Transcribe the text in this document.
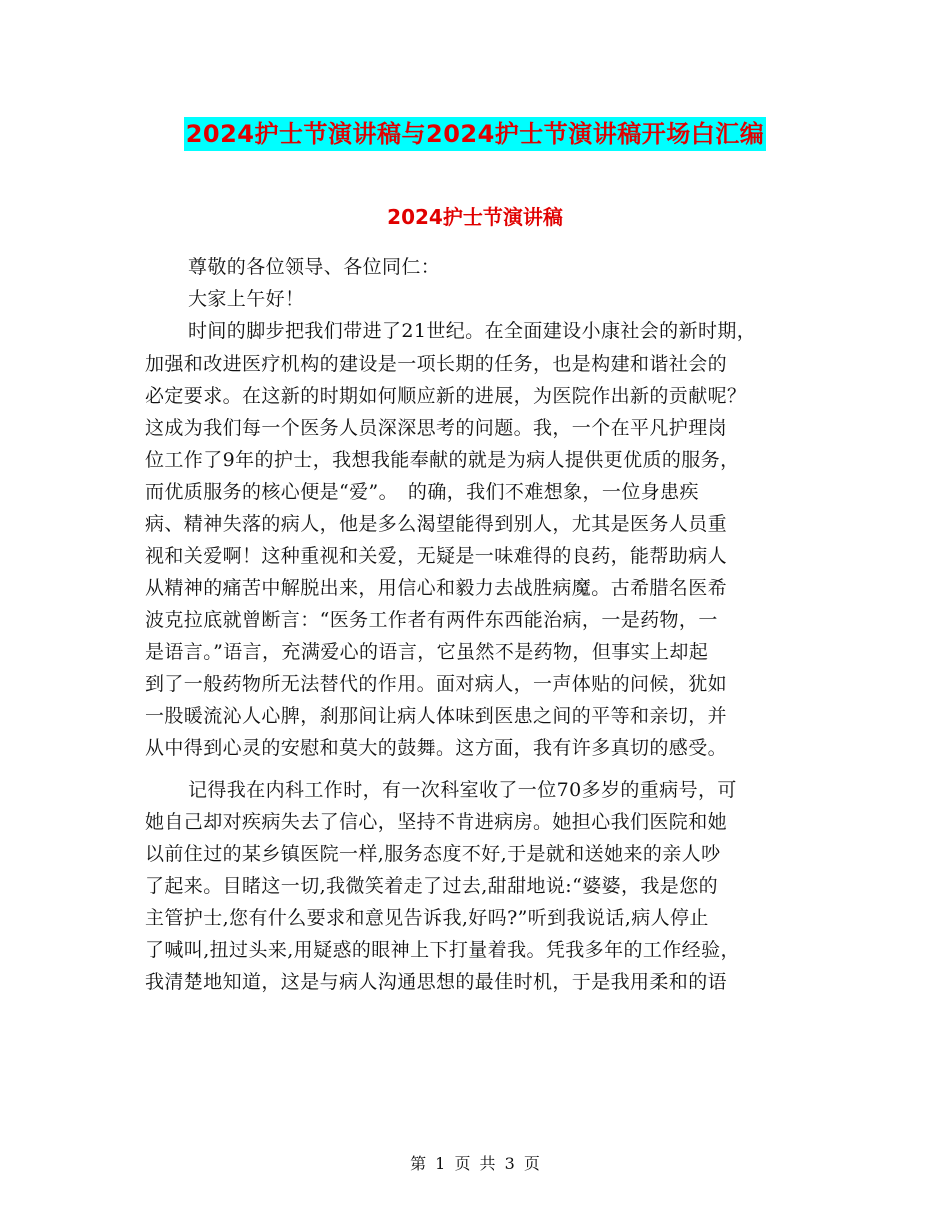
2024护士节演讲稿与2024护士节演讲稿开场白汇编
2024护士节演讲稿
尊敬的各位领导、各位同仁：
大家上午好！
时间的脚步把我们带进了21世纪。在全面建设小康社会的新时期，
加强和改进医疗机构的建设是一项长期的任务，也是构建和谐社会的
必定要求。在这新的时期如何顺应新的进展，为医院作出新的贡献呢？
这成为我们每一个医务人员深深思考的问题。我，一个在平凡护理岗
位工作了9年的护士，我想我能奉献的就是为病人提供更优质的服务，
而优质服务的核心便是“爱”。　的确，我们不难想象，一位身患疾
病、精神失落的病人，他是多么渴望能得到别人，尤其是医务人员重
视和关爱啊！这种重视和关爱，无疑是一味难得的良药，能帮助病人
从精神的痛苦中解脱出来，用信心和毅力去战胜病魔。古希腊名医希
波克拉底就曾断言：“医务工作者有两件东西能治病，一是药物，一
是语言。”语言，充满爱心的语言，它虽然不是药物，但事实上却起
到了一般药物所无法替代的作用。面对病人，一声体贴的问候，犹如
一股暖流沁人心脾，刹那间让病人体味到医患之间的平等和亲切，并
从中得到心灵的安慰和莫大的鼓舞。这方面，我有许多真切的感受。
记得我在内科工作时，有一次科室收了一位70多岁的重病号，可
她自己却对疾病失去了信心，坚持不肯进病房。她担心我们医院和她
以前住过的某乡镇医院一样,服务态度不好,于是就和送她来的亲人吵
了起来。目睹这一切,我微笑着走了过去,甜甜地说:“婆婆，我是您的
主管护士,您有什么要求和意见告诉我,好吗?”听到我说话,病人停止
了喊叫,扭过头来,用疑惑的眼神上下打量着我。凭我多年的工作经验，
我清楚地知道，这是与病人沟通思想的最佳时机，于是我用柔和的语
第 1 页 共 3 页
